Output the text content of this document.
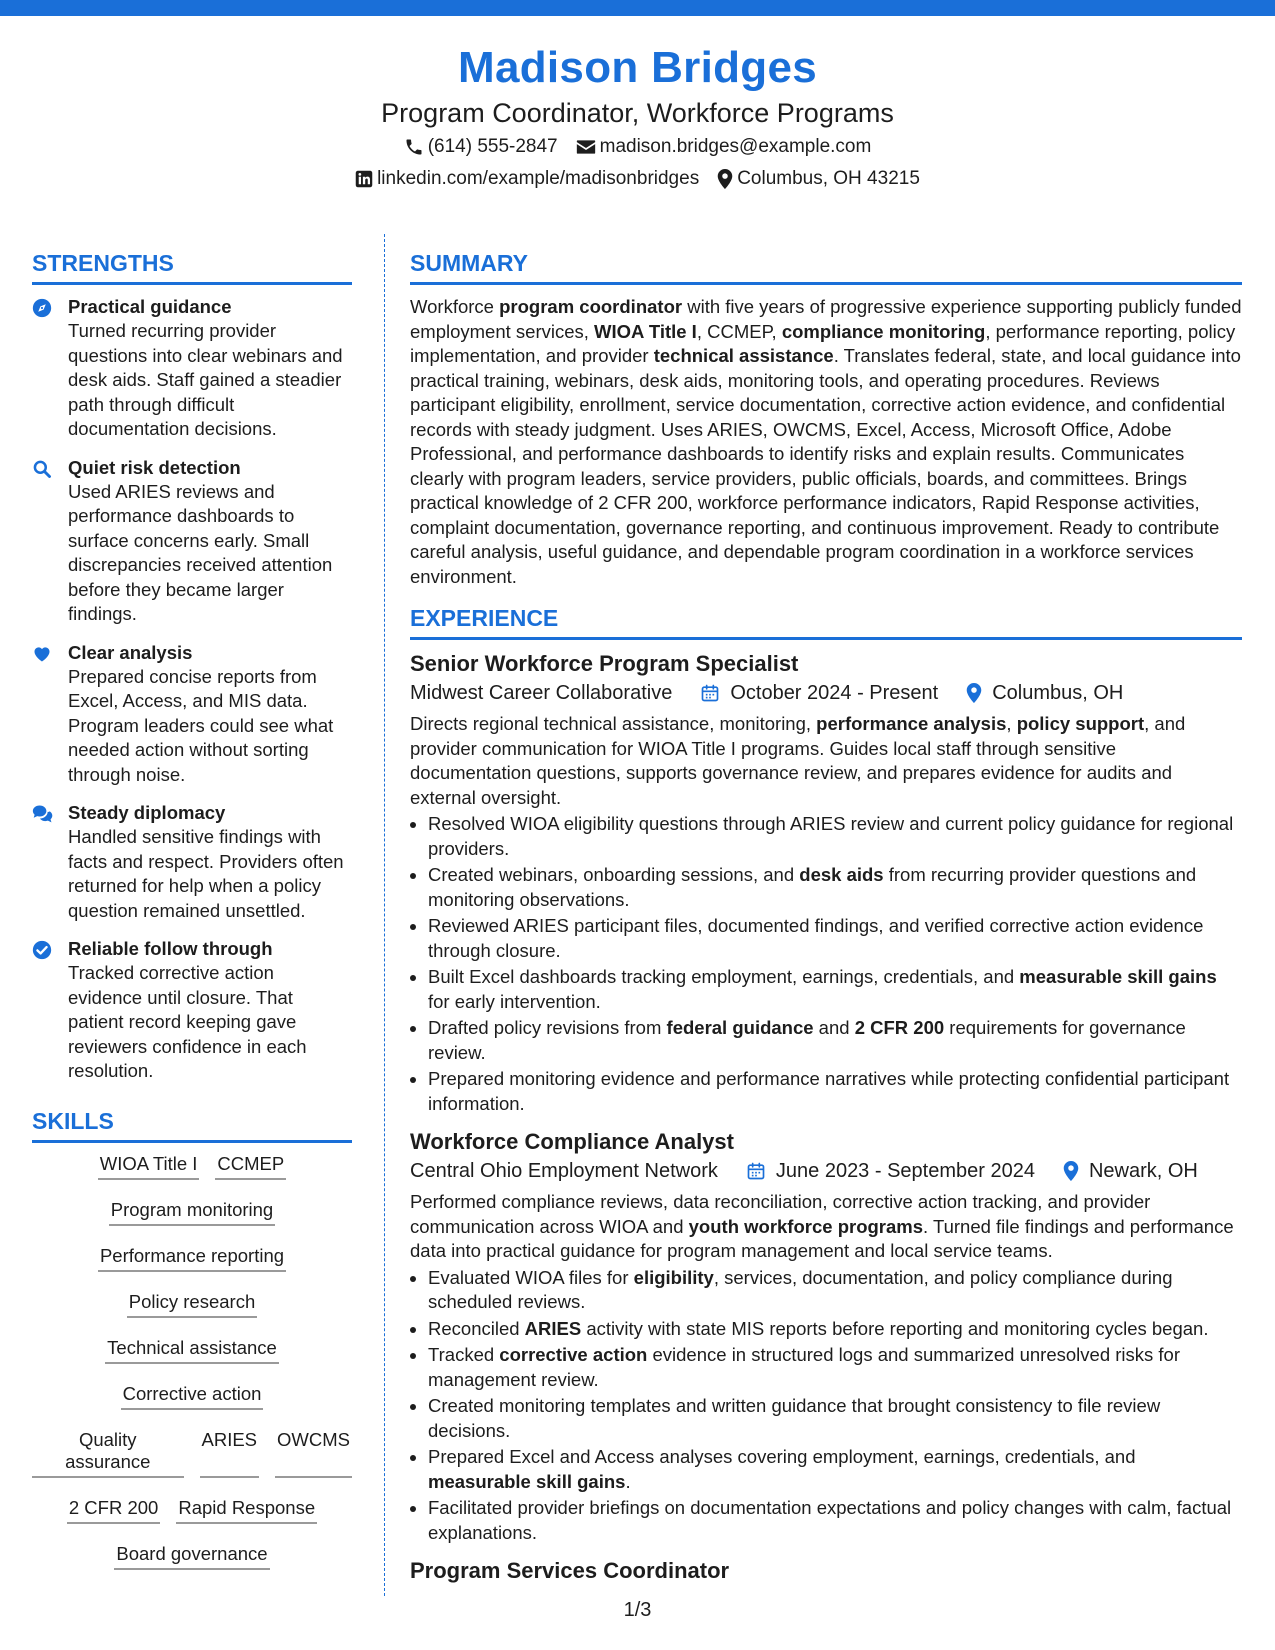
Madison Bridges
Program Coordinator, Workforce Programs
(614) 555-2847 madison.bridges@example.com
linkedin.com/example/madisonbridges Columbus, OH 43215
STRENGTHS
Practical guidance
Turned recurring provider questions into clear webinars and desk aids. Staff gained a steadier path through difficult documentation decisions.
Quiet risk detection
Used ARIES reviews and performance dashboards to surface concerns early. Small discrepancies received attention before they became larger findings.
Clear analysis
Prepared concise reports from Excel, Access, and MIS data. Program leaders could see what needed action without sorting through noise.
Steady diplomacy
Handled sensitive findings with facts and respect. Providers often returned for help when a policy question remained unsettled.
Reliable follow through
Tracked corrective action evidence until closure. That patient record keeping gave reviewers confidence in each resolution.
SKILLS
WIOA Title I CCMEP
Program monitoring
Performance reporting
Policy research
Technical assistance
Corrective action
Quality assurance
ARIES OWCMS
2 CFR 200 Rapid Response
Board governance
SUMMARY

Workforce program coordinator with five years of progressive experience supporting publicly funded employment services, WIOA Title I, CCMEP, compliance monitoring, performance reporting, policy implementation, and provider technical assistance. Translates federal, state, and local guidance into practical training, webinars, desk aids, monitoring tools, and operating procedures. Reviews participant eligibility, enrollment, service documentation, corrective action evidence, and confidential records with steady judgment. Uses ARIES, OWCMS, Excel, Access, Microsoft Office, Adobe Professional, and performance dashboards to identify risks and explain results. Communicates clearly with program leaders, service providers, public officials, boards, and committees. Brings practical knowledge of 2 CFR 200, workforce performance indicators, Rapid Response activities, complaint documentation, governance reporting, and continuous improvement. Ready to contribute careful analysis, useful guidance, and dependable program coordination in a workforce services environment.

EXPERIENCE
Senior Workforce Program Specialist
Midwest Career Collaborative	October 2024 - Present	Columbus, OH

Directs regional technical assistance, monitoring, performance analysis, policy support, and provider communication for WIOA Title I programs. Guides local staff through sensitive documentation questions, supports governance review, and prepares evidence for audits and external oversight.

• Resolved WIOA eligibility questions through ARIES review and current policy guidance for regional providers.
• Created webinars, onboarding sessions, and desk aids from recurring provider questions and monitoring observations.
• Reviewed ARIES participant files, documented findings, and verified corrective action evidence through closure.
• Built Excel dashboards tracking employment, earnings, credentials, and measurable skill gains for early intervention.
• Drafted policy revisions from federal guidance and 2 CFR 200 requirements for governance review.
• Prepared monitoring evidence and performance narratives while protecting confidential participant information.
Workforce Compliance Analyst
Central Ohio Employment Network	June 2023 - September 2024	Newark, OH

Performed compliance reviews, data reconciliation, corrective action tracking, and provider communication across WIOA and youth workforce programs. Turned file findings and performance data into practical guidance for program management and local service teams.

• Evaluated WIOA files for eligibility, services, documentation, and policy compliance during scheduled reviews.
• Reconciled ARIES activity with state MIS reports before reporting and monitoring cycles began.
• Tracked corrective action evidence in structured logs and summarized unresolved risks for management review.
• Created monitoring templates and written guidance that brought consistency to file review decisions.
• Prepared Excel and Access analyses covering employment, earnings, credentials, and measurable skill gains.
• Facilitated provider briefings on documentation expectations and policy changes with calm, factual explanations.
Program Services Coordinator
1/3
